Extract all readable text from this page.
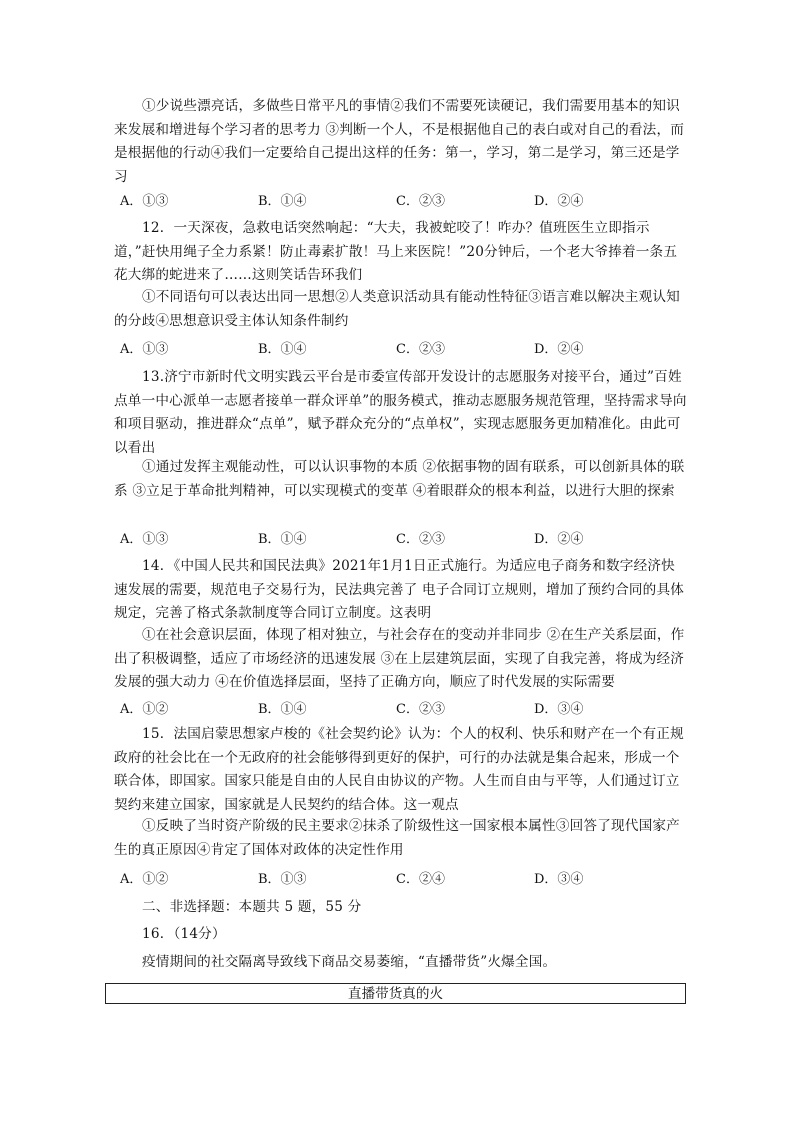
①少说些漂亮话，多做些日常平凡的事情②我们不需要死读硬记，我们需要用基本的知识来发展和增进每个学习者的思考力 ③判断一个人，不是根据他自己的表白或对自己的看法，而是根据他的行动④我们一定要给自己提出这样的任务：第一，学习，第二是学习，第三还是学习
A．①③	B．①④	C．②③	D．②④
12．一天深夜，急救电话突然响起：“大夫，我被蛇咬了！咋办？值班医生立即指示道，”赶快用绳子全力系紧！防止毒素扩散！马上来医院！”20分钟后，一个老大爷捧着一条五花大绑的蛇进来了……这则笑话告环我们
①不同语句可以表达出同一思想②人类意识活动具有能动性特征③语言难以解决主观认知的分歧④思想意识受主体认知条件制约
A．①③	B．①④	C．②③	D．②④
13.济宁市新时代文明实践云平台是市委宣传部开发设计的志愿服务对接平台，通过”百姓点单一中心派单一志愿者接单一群众评单”的服务模式，推动志愿服务规范管理，坚持需求导向和项目驱动，推进群众“点单”，赋予群众充分的“点单权”，实现志愿服务更加精准化。由此可以看出
①通过发挥主观能动性，可以认识事物的本质 ②依据事物的固有联系，可以创新具体的联系 ③立足于革命批判精神，可以实现模式的变革 ④着眼群众的根本利益，以进行大胆的探索
A．①③	B．①④	C．②③	D．②④
14．《中国人民共和国民法典》2021年1月1日正式施行。为适应电子商务和数字经济快速发展的需要，规范电子交易行为，民法典完善了 电子合同订立规则，增加了预约合同的具体规定，完善了格式条款制度等合同订立制度。这表明
①在社会意识层面，体现了相对独立，与社会存在的变动并非同步 ②在生产关系层面，作出了积极调整，适应了市场经济的迅速发展 ③在上层建筑层面，实现了自我完善，将成为经济发展的强大动力 ④在价值选择层面，坚持了正确方向，顺应了时代发展的实际需要
A．①②	B．①④	C．②③	D．③④
15．法国启蒙思想家卢梭的《社会契约论》认为：个人的权利、快乐和财产在一个有正规政府的社会比在一个无政府的社会能够得到更好的保护，可行的办法就是集合起来，形成一个联合体，即国家。国家只能是自由的人民自由协议的产物。人生而自由与平等，人们通过订立契约来建立国家，国家就是人民契约的结合体。这一观点
①反映了当时资产阶级的民主要求②抹杀了阶级性这一国家根本属性③回答了现代国家产生的真正原因④肯定了国体对政体的决定性作用
A．①②	B．①③	C．②④	D．③④
二、非选择题：本题共 5 题，55 分
16．（14分）
疫情期间的社交隔离导致线下商品交易萎缩，“直播带货”火爆全国。
直播带货真的火
